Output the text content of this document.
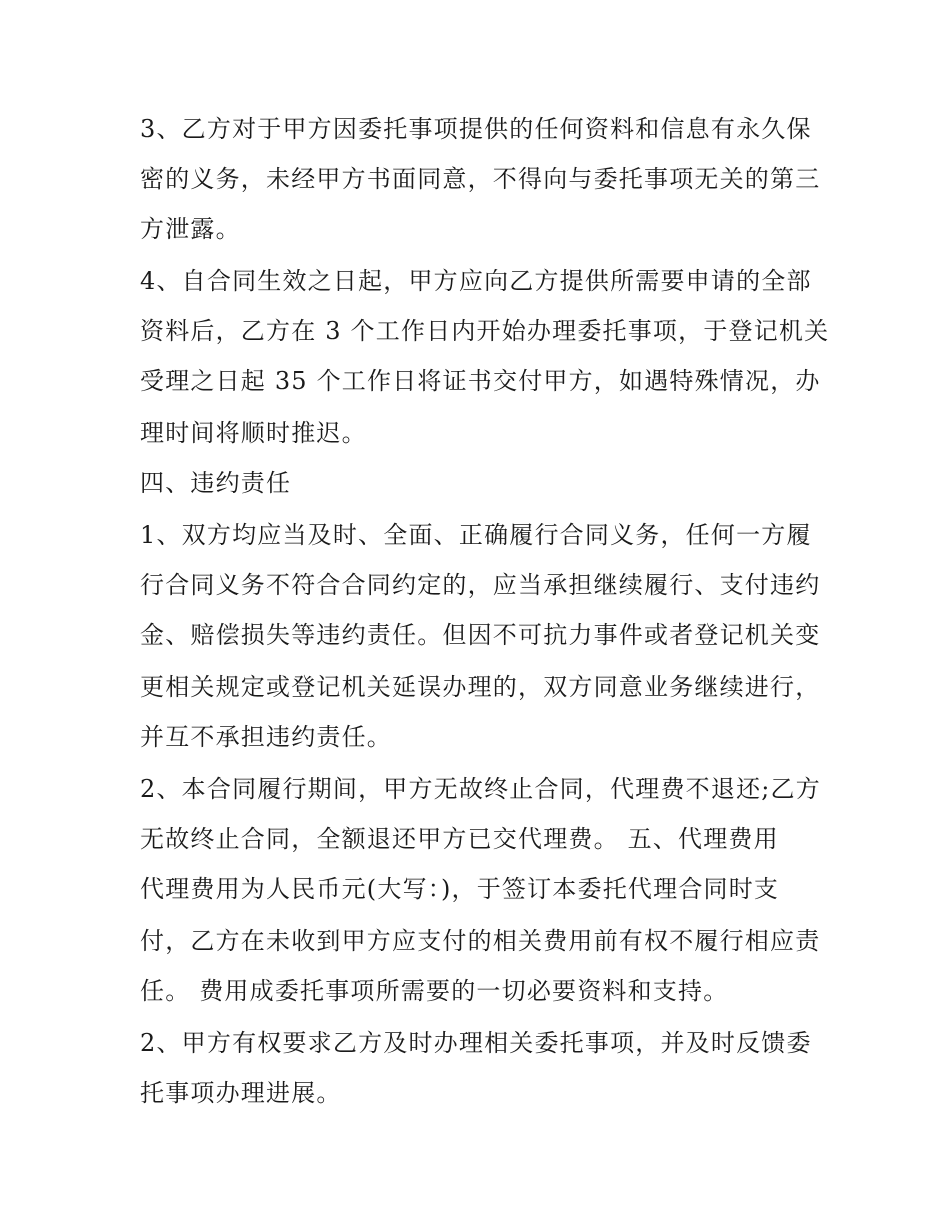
3、乙方对于甲方因委托事项提供的任何资料和信息有永久保
密的义务，未经甲方书面同意，不得向与委托事项无关的第三
方泄露。
4、自合同生效之日起，甲方应向乙方提供所需要申请的全部
资料后，乙方在 3 个工作日内开始办理委托事项，于登记机关
受理之日起 35 个工作日将证书交付甲方，如遇特殊情况，办
理时间将顺时推迟。
四、违约责任
1、双方均应当及时、全面、正确履行合同义务，任何一方履
行合同义务不符合合同约定的，应当承担继续履行、支付违约
金、赔偿损失等违约责任。但因不可抗力事件或者登记机关变
更相关规定或登记机关延误办理的，双方同意业务继续进行，
并互不承担违约责任。
2、本合同履行期间，甲方无故终止合同，代理费不退还;乙方
无故终止合同，全额退还甲方已交代理费。 五、代理费用
代理费用为人民币元(大写：)，于签订本委托代理合同时支
付，乙方在未收到甲方应支付的相关费用前有权不履行相应责
任。 费用成委托事项所需要的一切必要资料和支持。
2、甲方有权要求乙方及时办理相关委托事项，并及时反馈委
托事项办理进展。
